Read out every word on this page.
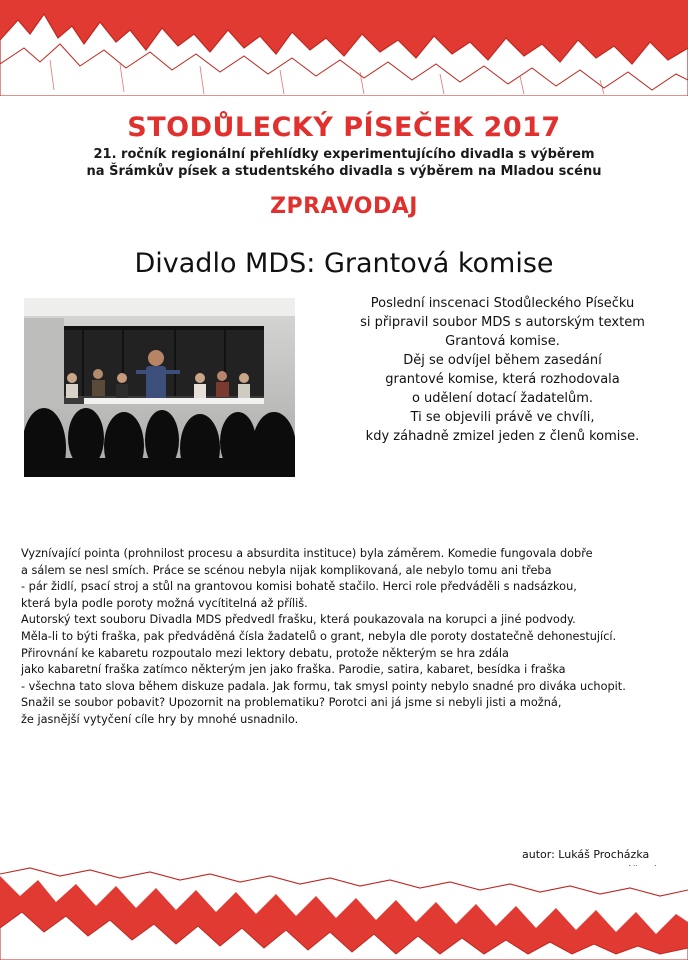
STODŮLECKÝ PÍSEČEK 2017
21. ročník regionální přehlídky experimentujícího divadla s výběrem
na Šrámkův písek a studentského divadla s výběrem na Mladou scénu
ZPRAVODAJ
Divadlo MDS: Grantová komise
Poslední inscenaci Stodůleckého Písečku
si připravil soubor MDS s autorským textem
Grantová komise.
Děj se odvíjel během zasedání
grantové komise, která rozhodovala
o udělení dotací žadatelům.
Ti se objevili právě ve chvíli,
kdy záhadně zmizel jeden z členů komise.
Vyznívající pointa (prohnilost procesu a absurdita instituce) byla záměrem. Komedie fungovala dobře
a sálem se nesl smích. Práce se scénou nebyla nijak komplikovaná, ale nebylo tomu ani třeba
- pár židlí, psací stroj a stůl na grantovou komisi bohatě stačilo. Herci role předváděli s nadsázkou,
která byla podle poroty možná vycítitelná až příliš.
Autorský text souboru Divadla MDS předvedl frašku, která poukazovala na korupci a jiné podvody.
Měla-li to býti fraška, pak předváděná čísla žadatelů o grant, nebyla dle poroty dostatečně dehonestující.
Přirovnání ke kabaretu rozpoutalo mezi lektory debatu, protože některým se hra zdála
jako kabaretní fraška zatímco některým jen jako fraška. Parodie, satira, kabaret, besídka i fraška
- všechna tato slova během diskuze padala. Jak formu, tak smysl pointy nebylo snadné pro diváka uchopit.
Snažil se soubor pobavit? Upozornit na problematiku? Porotci ani já jsme si nebyli jisti a možná,
že jasnější vytyčení cíle hry by mnohé usnadnilo.
autor: Lukáš Procházka
